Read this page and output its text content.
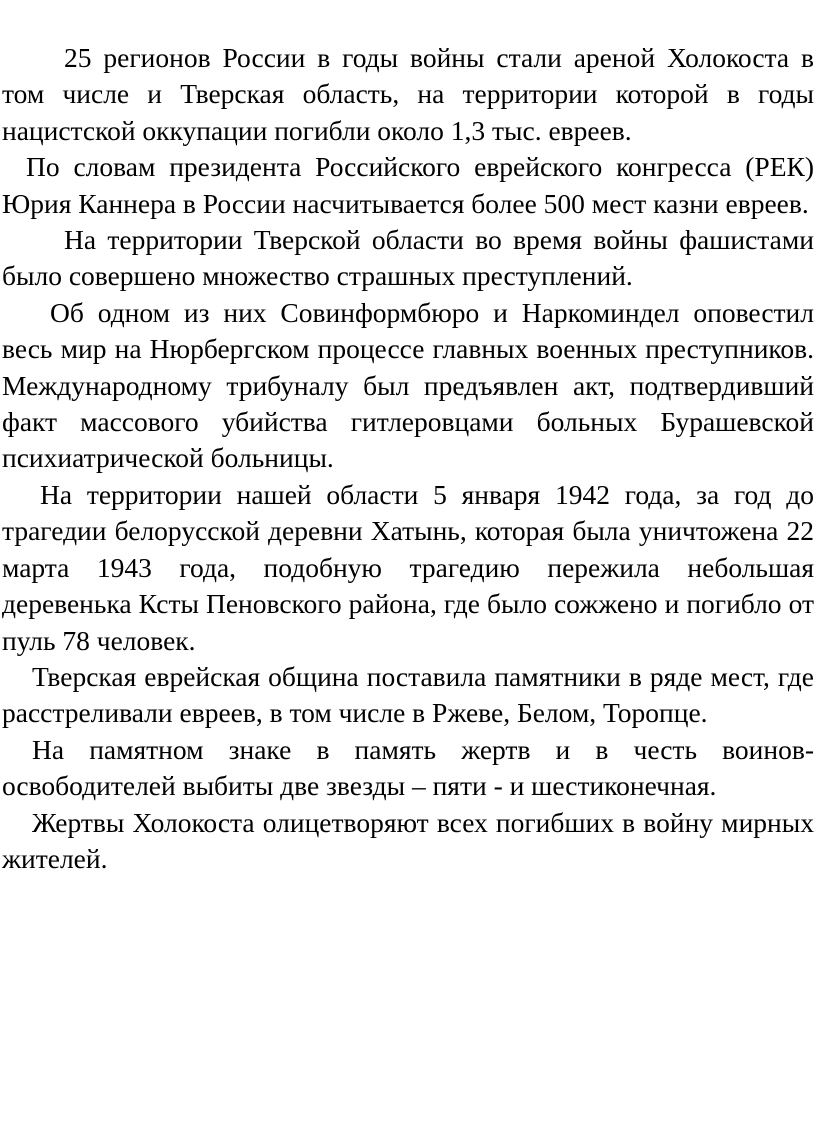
25 регионов России в годы войны стали ареной Холокоста в том числе и Тверская область, на территории которой в годы нацистской оккупации погибли около 1,3 тыс. евреев.

По словам президента Российского еврейского конгресса (РЕК) Юрия Каннера в России насчитывается более 500 мест казни евреев.

На территории Тверской области во время войны фашистами было совершено множество страшных преступлений.

Об одном из них Совинформбюро и Наркоминдел оповестил весь мир на Нюрбергском процессе главных военных преступников. Международному трибуналу был предъявлен акт, подтвердивший факт массового убийства гитлеровцами больных Бурашевской психиатрической больницы.

На территории нашей области 5 января 1942 года, за год до трагедии белорусской деревни Хатынь, которая была уничтожена 22 марта 1943 года, подобную трагедию пережила небольшая деревенька Ксты Пеновского района, где было сожжено и погибло от пуль 78 человек.

Тверская еврейская община поставила памятники в ряде мест, где расстреливали евреев, в том числе в Ржеве, Белом, Торопце.

На памятном знаке в память жертв и в честь воинов-освободителей выбиты две звезды – пяти - и шестиконечная.

Жертвы Холокоста олицетворяют всех погибших в войну мирных жителей.
